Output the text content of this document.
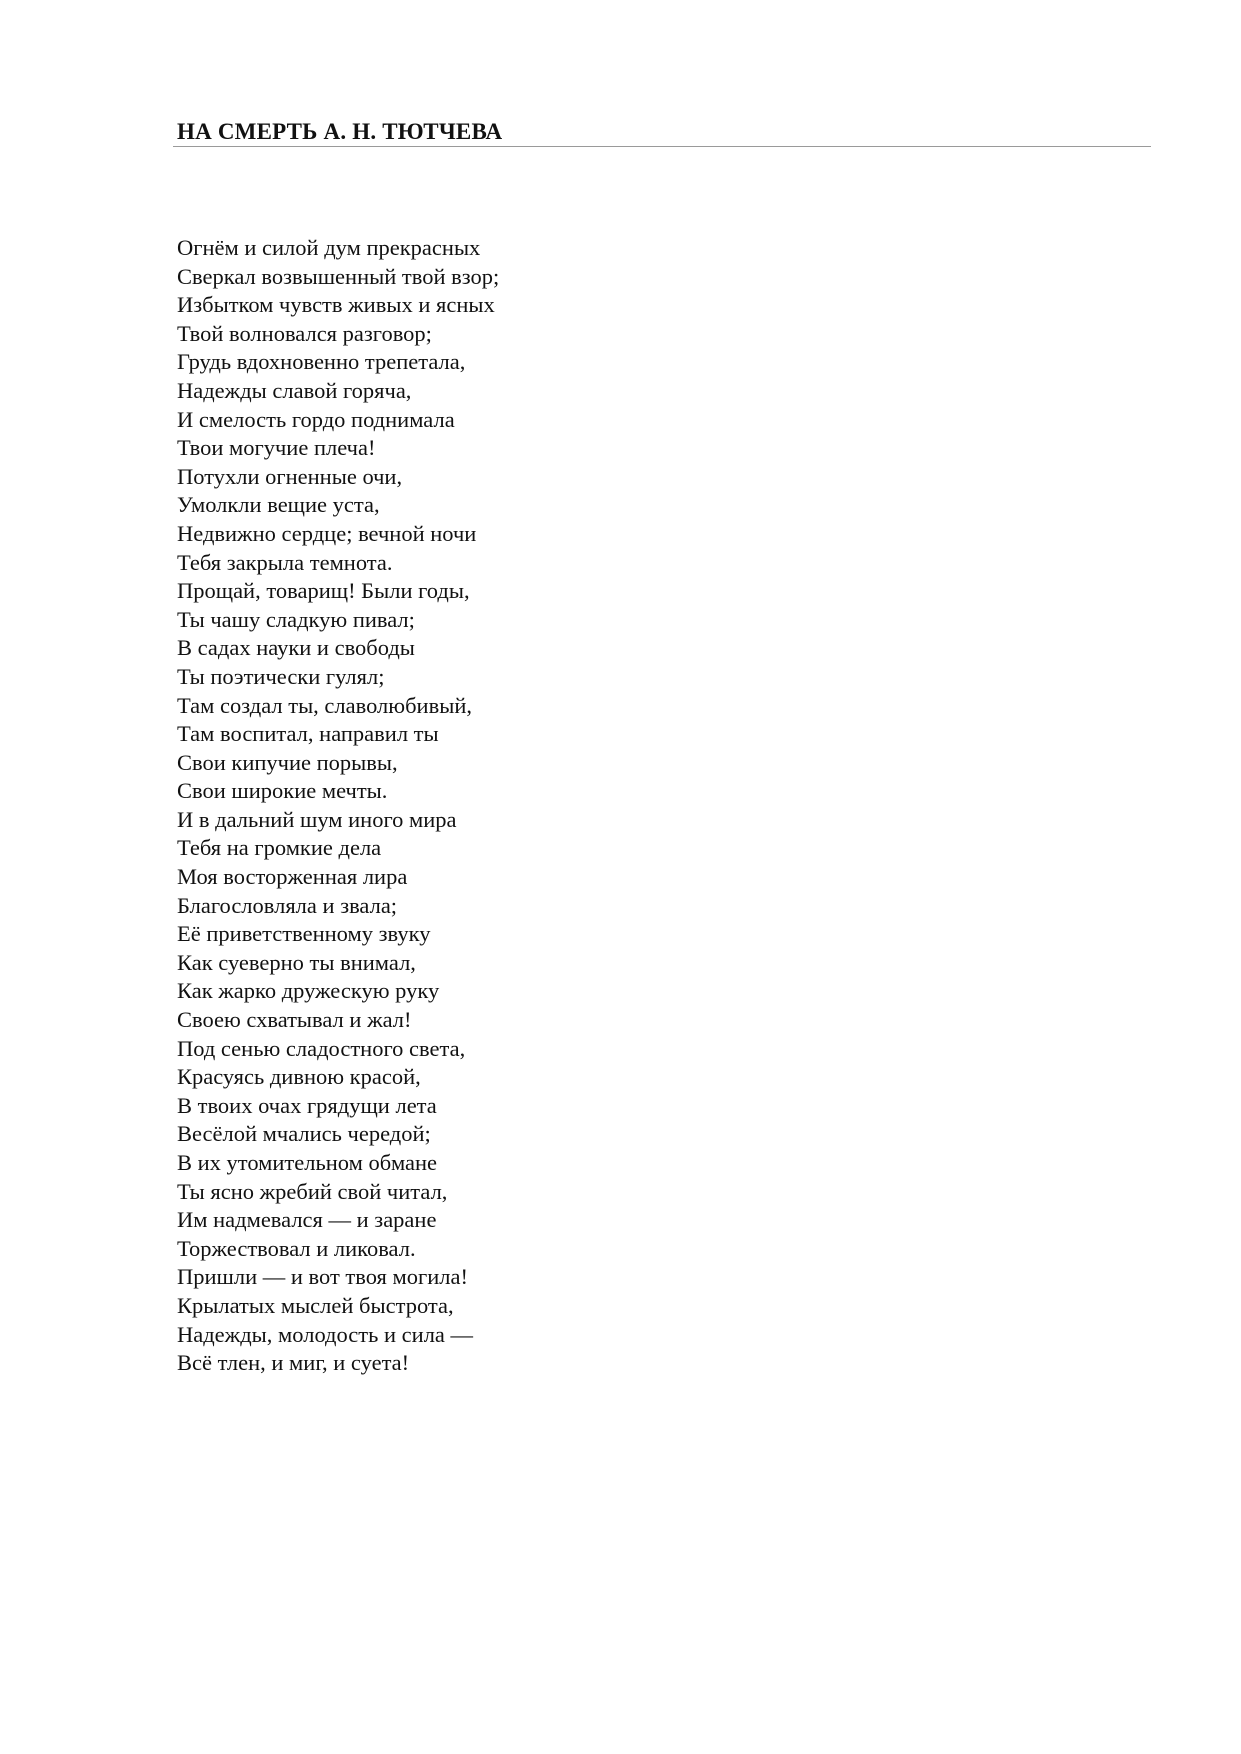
НА СМЕРТЬ А. Н. ТЮТЧЕВА
Огнём и силой дум прекрасных
Сверкал возвышенный твой взор;
Избытком чувств живых и ясных
Твой волновался разговор;
Грудь вдохновенно трепетала,
Надежды славой горяча,
И смелость гордо поднимала
Твои могучие плеча!
Потухли огненные очи,
Умолкли вещие уста,
Недвижно сердце; вечной ночи
Тебя закрыла темнота.
Прощай, товарищ! Были годы,
Ты чашу сладкую пивал;
В садах науки и свободы
Ты поэтически гулял;
Там создал ты, славолюбивый,
Там воспитал, направил ты
Свои кипучие порывы,
Свои широкие мечты.
И в дальний шум иного мира
Тебя на громкие дела
Моя восторженная лира
Благословляла и звала;
Её приветственному звуку
Как суеверно ты внимал,
Как жарко дружескую руку
Своею схватывал и жал!
Под сенью сладостного света,
Красуясь дивною красой,
В твоих очах грядущи лета
Весёлой мчались чередой;
В их утомительном обмане
Ты ясно жребий свой читал,
Им надмевался — и заране
Торжествовал и ликовал.
Пришли — и вот твоя могила!
Крылатых мыслей быстрота,
Надежды, молодость и сила —
Всё тлен, и миг, и суета!
